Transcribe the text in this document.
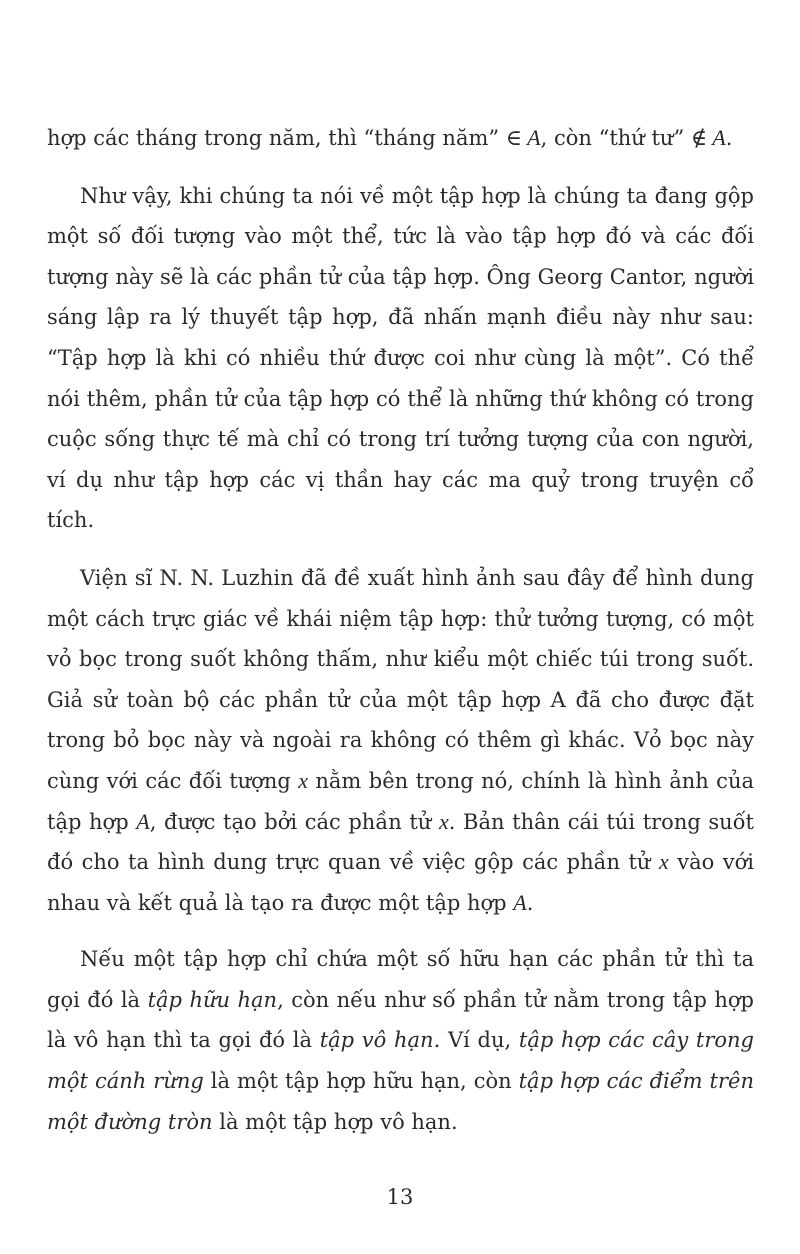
hợp các tháng trong năm, thì “tháng năm” ∈ A, còn “thứ tư” ∉ A.

Như vậy, khi chúng ta nói về một tập hợp là chúng ta đang gộp một số đối tượng vào một thể, tức là vào tập hợp đó và các đối tượng này sẽ là các phần tử của tập hợp. Ông Georg Cantor, người sáng lập ra lý thuyết tập hợp, đã nhấn mạnh điều này như sau: “Tập hợp là khi có nhiều thứ được coi như cùng là một”. Có thể nói thêm, phần tử của tập hợp có thể là những thứ không có trong cuộc sống thực tế mà chỉ có trong trí tưởng tượng của con người, ví dụ như tập hợp các vị thần hay các ma quỷ trong truyện cổ tích.

Viện sĩ N. N. Luzhin đã đề xuất hình ảnh sau đây để hình dung một cách trực giác về khái niệm tập hợp: thử tưởng tượng, có một vỏ bọc trong suốt không thấm, như kiểu một chiếc túi trong suốt. Giả sử toàn bộ các phần tử của một tập hợp A đã cho được đặt trong bỏ bọc này và ngoài ra không có thêm gì khác. Vỏ bọc này cùng với các đối tượng x nằm bên trong nó, chính là hình ảnh của tập hợp A, được tạo bởi các phần tử x. Bản thân cái túi trong suốt đó cho ta hình dung trực quan về việc gộp các phần tử x vào với nhau và kết quả là tạo ra được một tập hợp A.

Nếu một tập hợp chỉ chứa một số hữu hạn các phần tử thì ta gọi đó là tập hữu hạn, còn nếu như số phần tử nằm trong tập hợp là vô hạn thì ta gọi đó là tập vô hạn. Ví dụ, tập hợp các cây trong một cánh rừng là một tập hợp hữu hạn, còn tập hợp các điểm trên một đường tròn là một tập hợp vô hạn.

13
